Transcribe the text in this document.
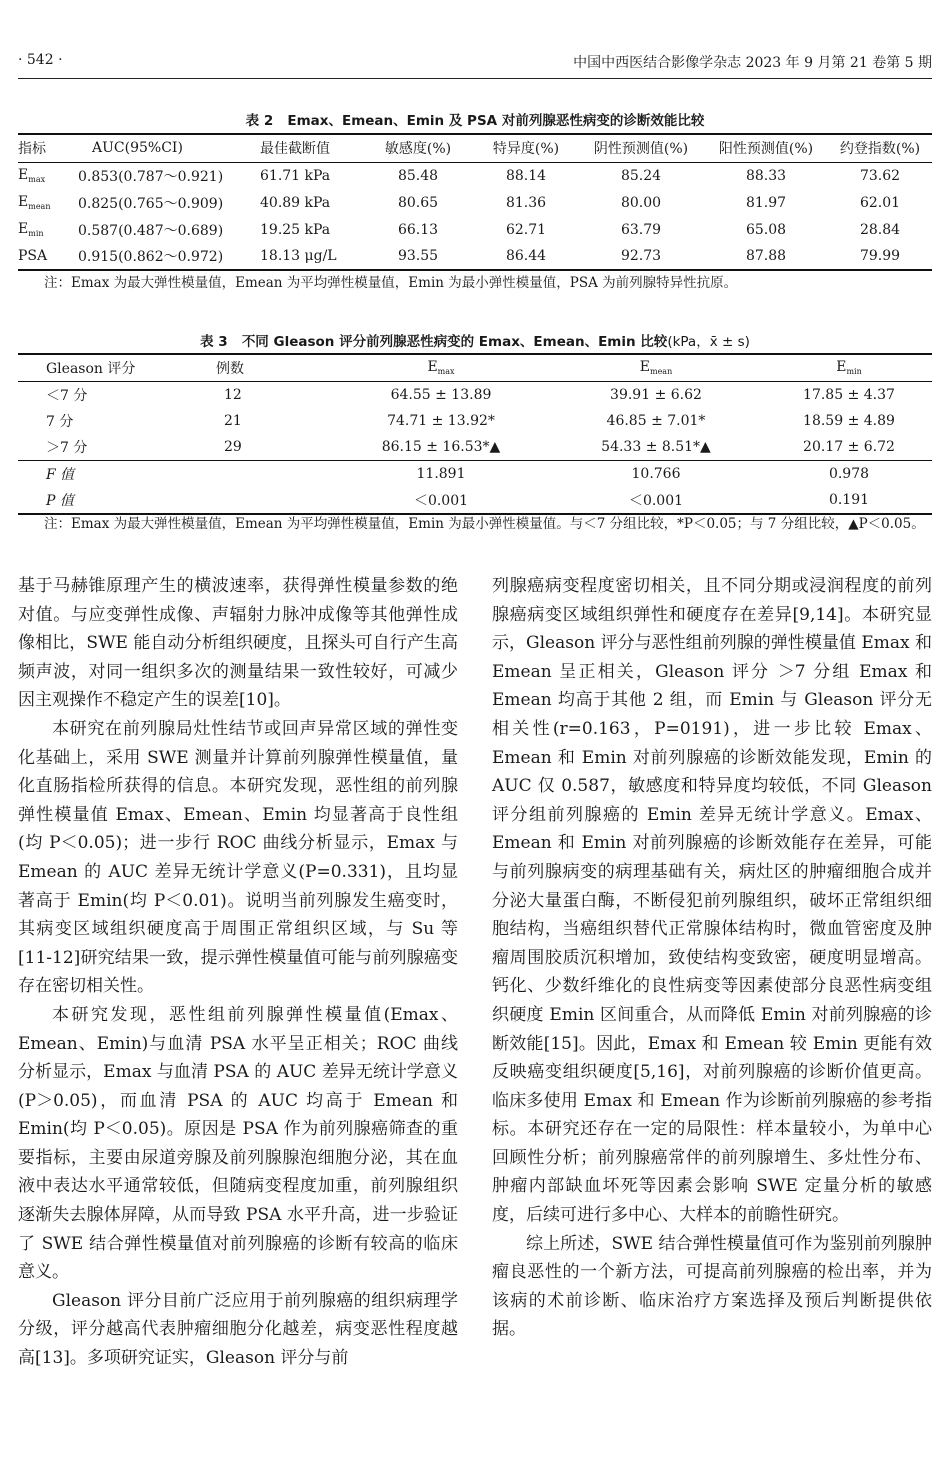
· 542 ·	中国中西医结合影像学杂志 2023 年 9 月第 21 卷第 5 期
表 2 Emax、Emean、Emin 及 PSA 对前列腺恶性病变的诊断效能比较
指标	AUC(95%CI)	最佳截断值	敏感度(%)	特异度(%)	阴性预测值(%)	阳性预测值(%)	约登指数(%)
$E_{max}$	0.853(0.787～0.921)	61.71 kPa	85.48	88.14	85.24	88.33	73.62
$E_{mean}$	0.825(0.765～0.909)	40.89 kPa	80.65	81.36	80.00	81.97	62.01
$E_{min}$	0.587(0.487～0.689)	19.25 kPa	66.13	62.71	63.79	65.08	28.84
PSA	0.915(0.862～0.972)	18.13 μg/L	93.55	86.44	92.73	87.88	79.99
注：Emax 为最大弹性模量值，Emean 为平均弹性模量值，Emin 为最小弹性模量值，PSA 为前列腺特异性抗原。
表 3 不同 Gleason 评分前列腺恶性病变的 Emax、Emean、Emin 比较(kPa，x̄ ± s)
Gleason 评分	例数	$E_{max}$	$E_{mean}$	$E_{min}$
＜7 分	12	64.55 ± 13.89	39.91 ± 6.62	17.85 ± 4.37
7 分	21	74.71 ± 13.92*	46.85 ± 7.01*	18.59 ± 4.89
＞7 分	29	86.15 ± 16.53*▲	54.33 ± 8.51*▲	20.17 ± 6.72
F 值		11.891	10.766	0.978
P 值		＜0.001	＜0.001	0.191
注：Emax 为最大弹性模量值，Emean 为平均弹性模量值，Emin 为最小弹性模量值。与＜7 分组比较，*P＜0.05；与 7 分组比较，▲P＜0.05。

基于马赫锥原理产生的横波速率，获得弹性模量参数的绝对值。与应变弹性成像、声辐射力脉冲成像等其他弹性成像相比，SWE 能自动分析组织硬度，且探头可自行产生高频声波，对同一组织多次的测量结果一致性较好，可减少因主观操作不稳定产生的误差[10]。

本研究在前列腺局灶性结节或回声异常区域的弹性变化基础上，采用 SWE 测量并计算前列腺弹性模量值，量化直肠指检所获得的信息。本研究发现，恶性组的前列腺弹性模量值 Emax、Emean、Emin 均显著高于良性组(均 P＜0.05)；进一步行 ROC 曲线分析显示，Emax 与 Emean 的 AUC 差异无统计学意义(P=0.331)，且均显著高于 Emin(均 P＜0.01)。说明当前列腺发生癌变时，其病变区域组织硬度高于周围正常组织区域，与 Su 等[11-12]研究结果一致，提示弹性模量值可能与前列腺癌变存在密切相关性。

本研究发现，恶性组前列腺弹性模量值(Emax、Emean、Emin)与血清 PSA 水平呈正相关；ROC 曲线分析显示，Emax 与血清 PSA 的 AUC 差异无统计学意义(P＞0.05)，而血清 PSA 的 AUC 均高于 Emean 和 Emin(均 P＜0.05)。原因是 PSA 作为前列腺癌筛查的重要指标，主要由尿道旁腺及前列腺腺泡细胞分泌，其在血液中表达水平通常较低，但随病变程度加重，前列腺组织逐渐失去腺体屏障，从而导致 PSA 水平升高，进一步验证了 SWE 结合弹性模量值对前列腺癌的诊断有较高的临床意义。

Gleason 评分目前广泛应用于前列腺癌的组织病理学分级，评分越高代表肿瘤细胞分化越差，病变恶性程度越高[13]。多项研究证实，Gleason 评分与前

列腺癌病变程度密切相关，且不同分期或浸润程度的前列腺癌病变区域组织弹性和硬度存在差异[9,14]。本研究显示，Gleason 评分与恶性组前列腺的弹性模量值 Emax 和 Emean 呈正相关，Gleason 评分 ＞7 分组 Emax 和 Emean 均高于其他 2 组，而 Emin 与 Gleason 评分无相关性(r=0.163，P=0191)，进一步比较 Emax、Emean 和 Emin 对前列腺癌的诊断效能发现，Emin 的 AUC 仅 0.587，敏感度和特异度均较低，不同 Gleason 评分组前列腺癌的 Emin 差异无统计学意义。Emax、Emean 和 Emin 对前列腺癌的诊断效能存在差异，可能与前列腺病变的病理基础有关，病灶区的肿瘤细胞合成并分泌大量蛋白酶，不断侵犯前列腺组织，破坏正常组织细胞结构，当癌组织替代正常腺体结构时，微血管密度及肿瘤周围胶质沉积增加，致使结构变致密，硬度明显增高。钙化、少数纤维化的良性病变等因素使部分良恶性病变组织硬度 Emin 区间重合，从而降低 Emin 对前列腺癌的诊断效能[15]。因此，Emax 和 Emean 较 Emin 更能有效反映癌变组织硬度[5,16]，对前列腺癌的诊断价值更高。临床多使用 Emax 和 Emean 作为诊断前列腺癌的参考指标。本研究还存在一定的局限性：样本量较小，为单中心回顾性分析；前列腺癌常伴的前列腺增生、多灶性分布、肿瘤内部缺血坏死等因素会影响 SWE 定量分析的敏感度，后续可进行多中心、大样本的前瞻性研究。

综上所述，SWE 结合弹性模量值可作为鉴别前列腺肿瘤良恶性的一个新方法，可提高前列腺癌的检出率，并为该病的术前诊断、临床治疗方案选择及预后判断提供依据。
